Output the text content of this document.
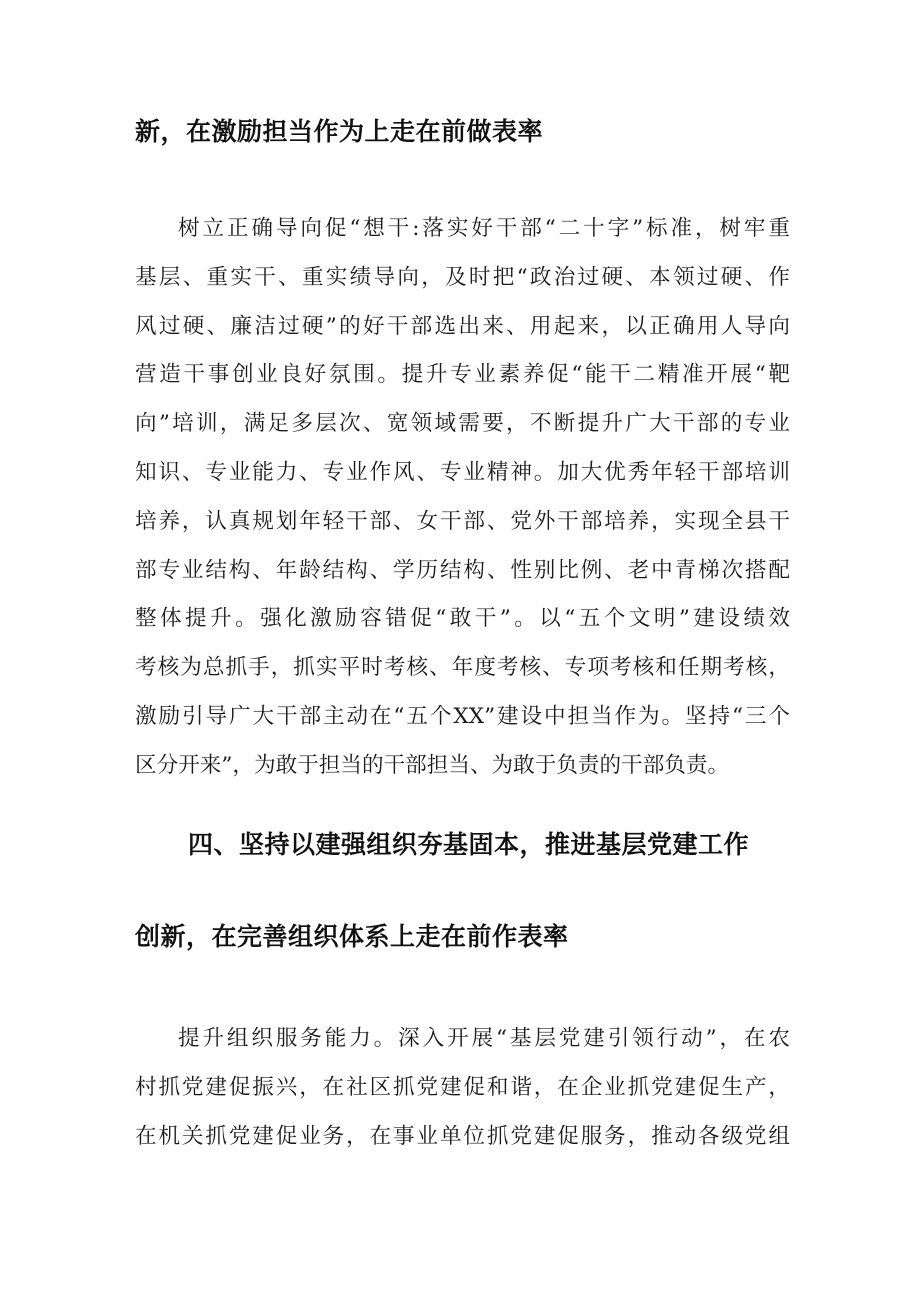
新，在激励担当作为上走在前做表率
树立正确导向促“想干:落实好干部“二十字”标准，树牢重
基层、重实干、重实绩导向，及时把“政治过硬、本领过硬、作
风过硬、廉洁过硬”的好干部选出来、用起来，以正确用人导向
营造干事创业良好氛围。提升专业素养促“能干二精准开展“靶
向”培训，满足多层次、宽领域需要，不断提升广大干部的专业
知识、专业能力、专业作风、专业精神。加大优秀年轻干部培训
培养，认真规划年轻干部、女干部、党外干部培养，实现全县干
部专业结构、年龄结构、学历结构、性别比例、老中青梯次搭配
整体提升。强化激励容错促“敢干”。以“五个文明”建设绩效
考核为总抓手，抓实平时考核、年度考核、专项考核和任期考核，
激励引导广大干部主动在“五个XX”建设中担当作为。坚持“三个
区分开来”，为敢于担当的干部担当、为敢于负责的干部负责。
四、坚持以建强组织夯基固本，推进基层党建工作
创新，在完善组织体系上走在前作表率
提升组织服务能力。深入开展“基层党建引领行动”，在农
村抓党建促振兴，在社区抓党建促和谐，在企业抓党建促生产，
在机关抓党建促业务，在事业单位抓党建促服务，推动各级党组
